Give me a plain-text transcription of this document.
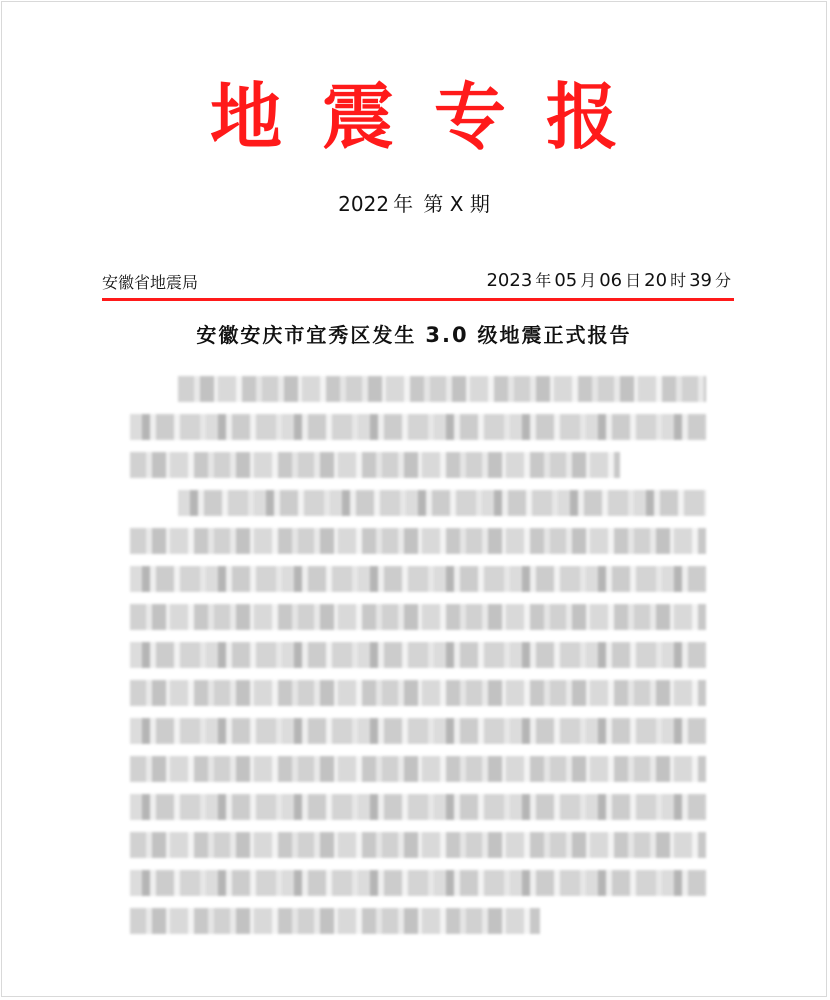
地震专报
2022 年 第 X 期
安徽省地震局	2023 年 05 月 06 日 20 时 39 分
安徽安庆市宜秀区发生 3.0 级地震正式报告
